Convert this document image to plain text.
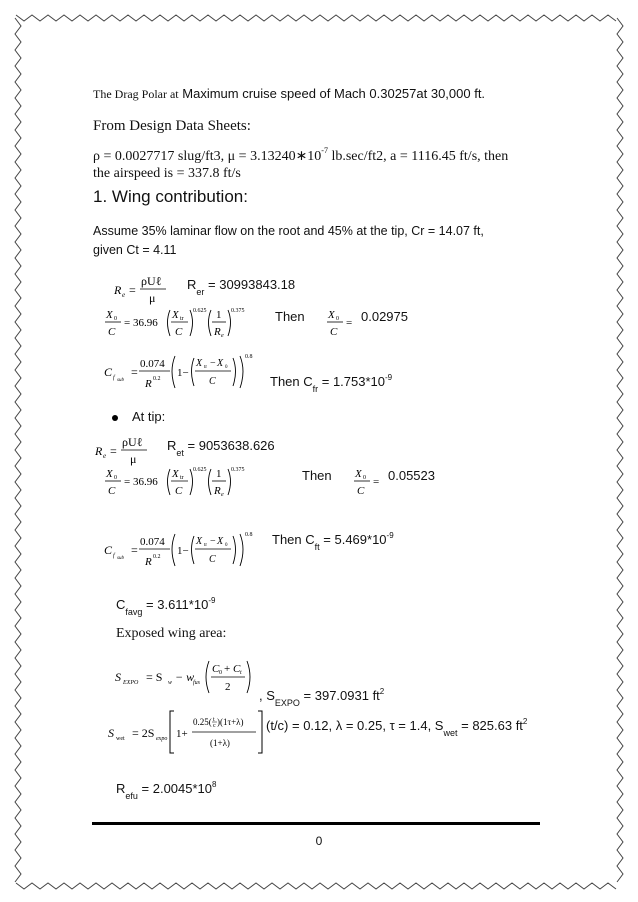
The Drag Polar at Maximum cruise speed of Mach 0.30257at 30,000 ft.
From Design Data Sheets:
ρ = 0.0027717 slug/ft3, $\mu = 3.13240∗10^{-7}$ lb.sec/ft2, a = 1116.45 ft/s, then
the airspeed is = 337.8 ft/s
1. Wing contribution:
Assume 35% laminar flow on the root and 45% at the tip, Cr = 14.07 ft,
given Ct = 4.11
R e =
ρUℓ
μ
$R_{er} = 30993843.18$
X 0
C
= 36.96
X tr
C
0.625 1
R e
0.375 Then X 0
C
= 0.02975
C f sub
=
0.074
R 0.2 1−
X tr − X 0
C
0.8
Then $C_{fr} = 1.753*10^{-9}$
At tip:
R e =
ρUℓ
μ
$R_{et} = 9053638.626$
X 0
C
= 36.96
X tr
C
0.625 1
R e
0.375	Then X 0
C
= 0.05523
C f sub
=
0.074
R 0.2 1−
X tr − X 0
C
0.8 Then $C_{ft} = 5.469*10^{-9}$
$C_{favg} = 3.611*10^{-9}$
Exposed wing area:
S EXPO = S w − w
fus
C 0 + C t
2
, $S_{EXPO} = 397.0931$ $ft^2$
S wet = 2S expo 1+
0.25( t
c )(1τ+λ)
(1+λ)
(t/c) = 0.12, λ = 0.25, τ = 1.4, $S_{wet} = 825.63$ $ft^2$
$R_{efu} = 2.0045*10^8$
0
